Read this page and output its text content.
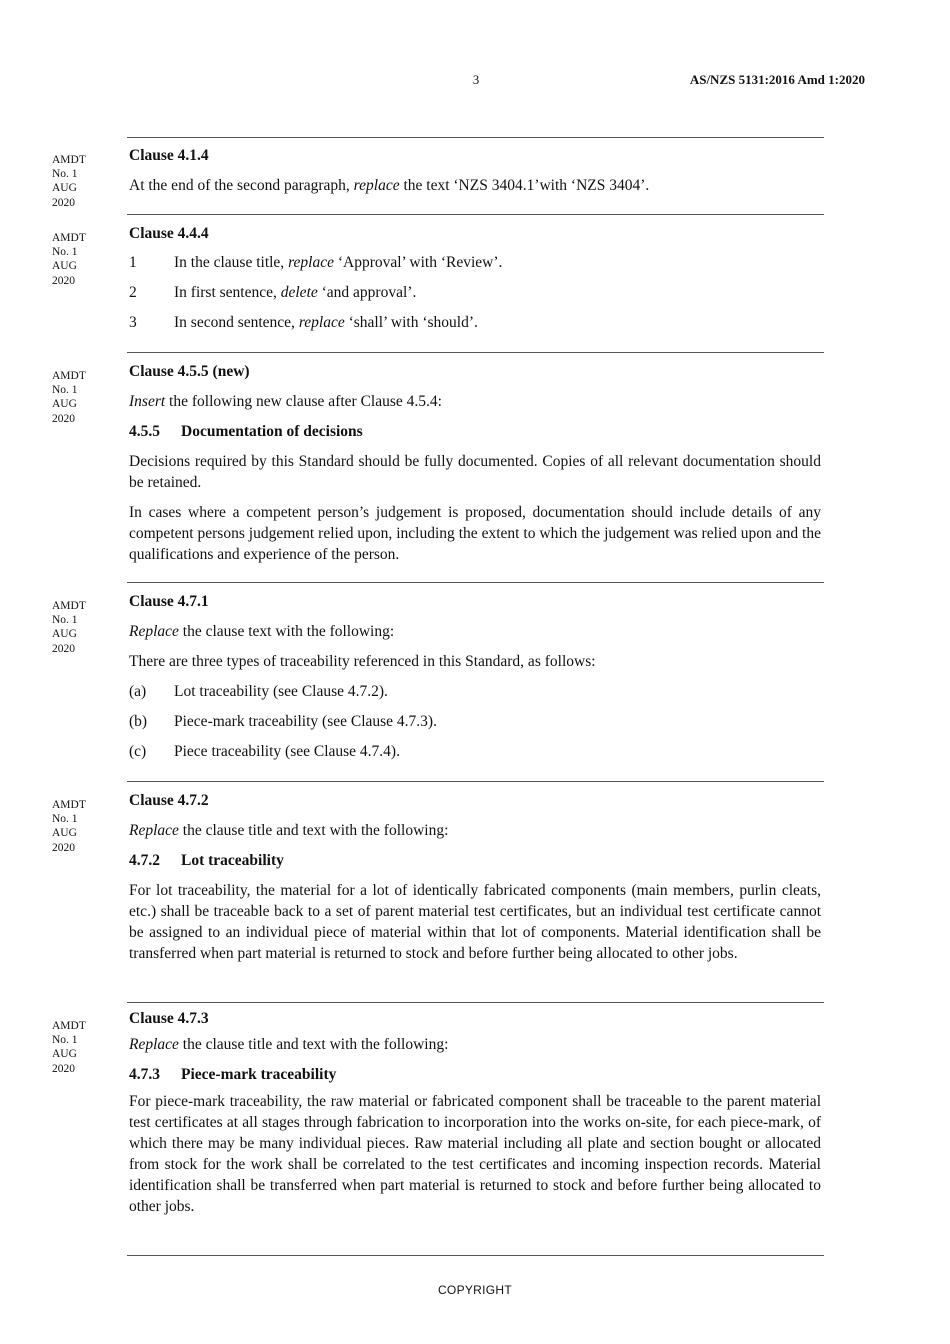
3	AS/NZS 5131:2016 Amd 1:2020
AMDT
No. 1
AUG
2020

Clause 4.1.4

At the end of the second paragraph, replace the text ‘NZS 3404.1’with ‘NZS 3404’.

AMDT
No. 1
AUG
2020

Clause 4.4.4

1	In the clause title, replace ‘Approval’ with ‘Review’.
2	In first sentence, delete ‘and approval’.
3	In second sentence, replace ‘shall’ with ‘should’.
AMDT
No. 1
AUG
2020

Clause 4.5.5 (new)

Insert the following new clause after Clause 4.5.4:

4.5.5 Documentation of decisions

Decisions required by this Standard should be fully documented. Copies of all relevant documentation should be retained.

In cases where a competent person’s judgement is proposed, documentation should include details of any competent persons judgement relied upon, including the extent to which the judgement was relied upon and the qualifications and experience of the person.

AMDT
No. 1
AUG
2020

Clause 4.7.1

Replace the clause text with the following:

There are three types of traceability referenced in this Standard, as follows:

(a)	Lot traceability (see Clause 4.7.2).
(b)	Piece-mark traceability (see Clause 4.7.3).
(c)	Piece traceability (see Clause 4.7.4).
AMDT
No. 1
AUG
2020

Clause 4.7.2

Replace the clause title and text with the following:

4.7.2 Lot traceability

For lot traceability, the material for a lot of identically fabricated components (main members, purlin cleats, etc.) shall be traceable back to a set of parent material test certificates, but an individual test certificate cannot be assigned to an individual piece of material within that lot of components. Material identification shall be transferred when part material is returned to stock and before further being allocated to other jobs.

AMDT
No. 1
AUG
2020

Clause 4.7.3

Replace the clause title and text with the following:

4.7.3 Piece-mark traceability

For piece-mark traceability, the raw material or fabricated component shall be traceable to the parent material test certificates at all stages through fabrication to incorporation into the works on-site, for each piece-mark, of which there may be many individual pieces. Raw material including all plate and section bought or allocated from stock for the work shall be correlated to the test certificates and incoming inspection records. Material identification shall be transferred when part material is returned to stock and before further being allocated to other jobs.

COPYRIGHT
